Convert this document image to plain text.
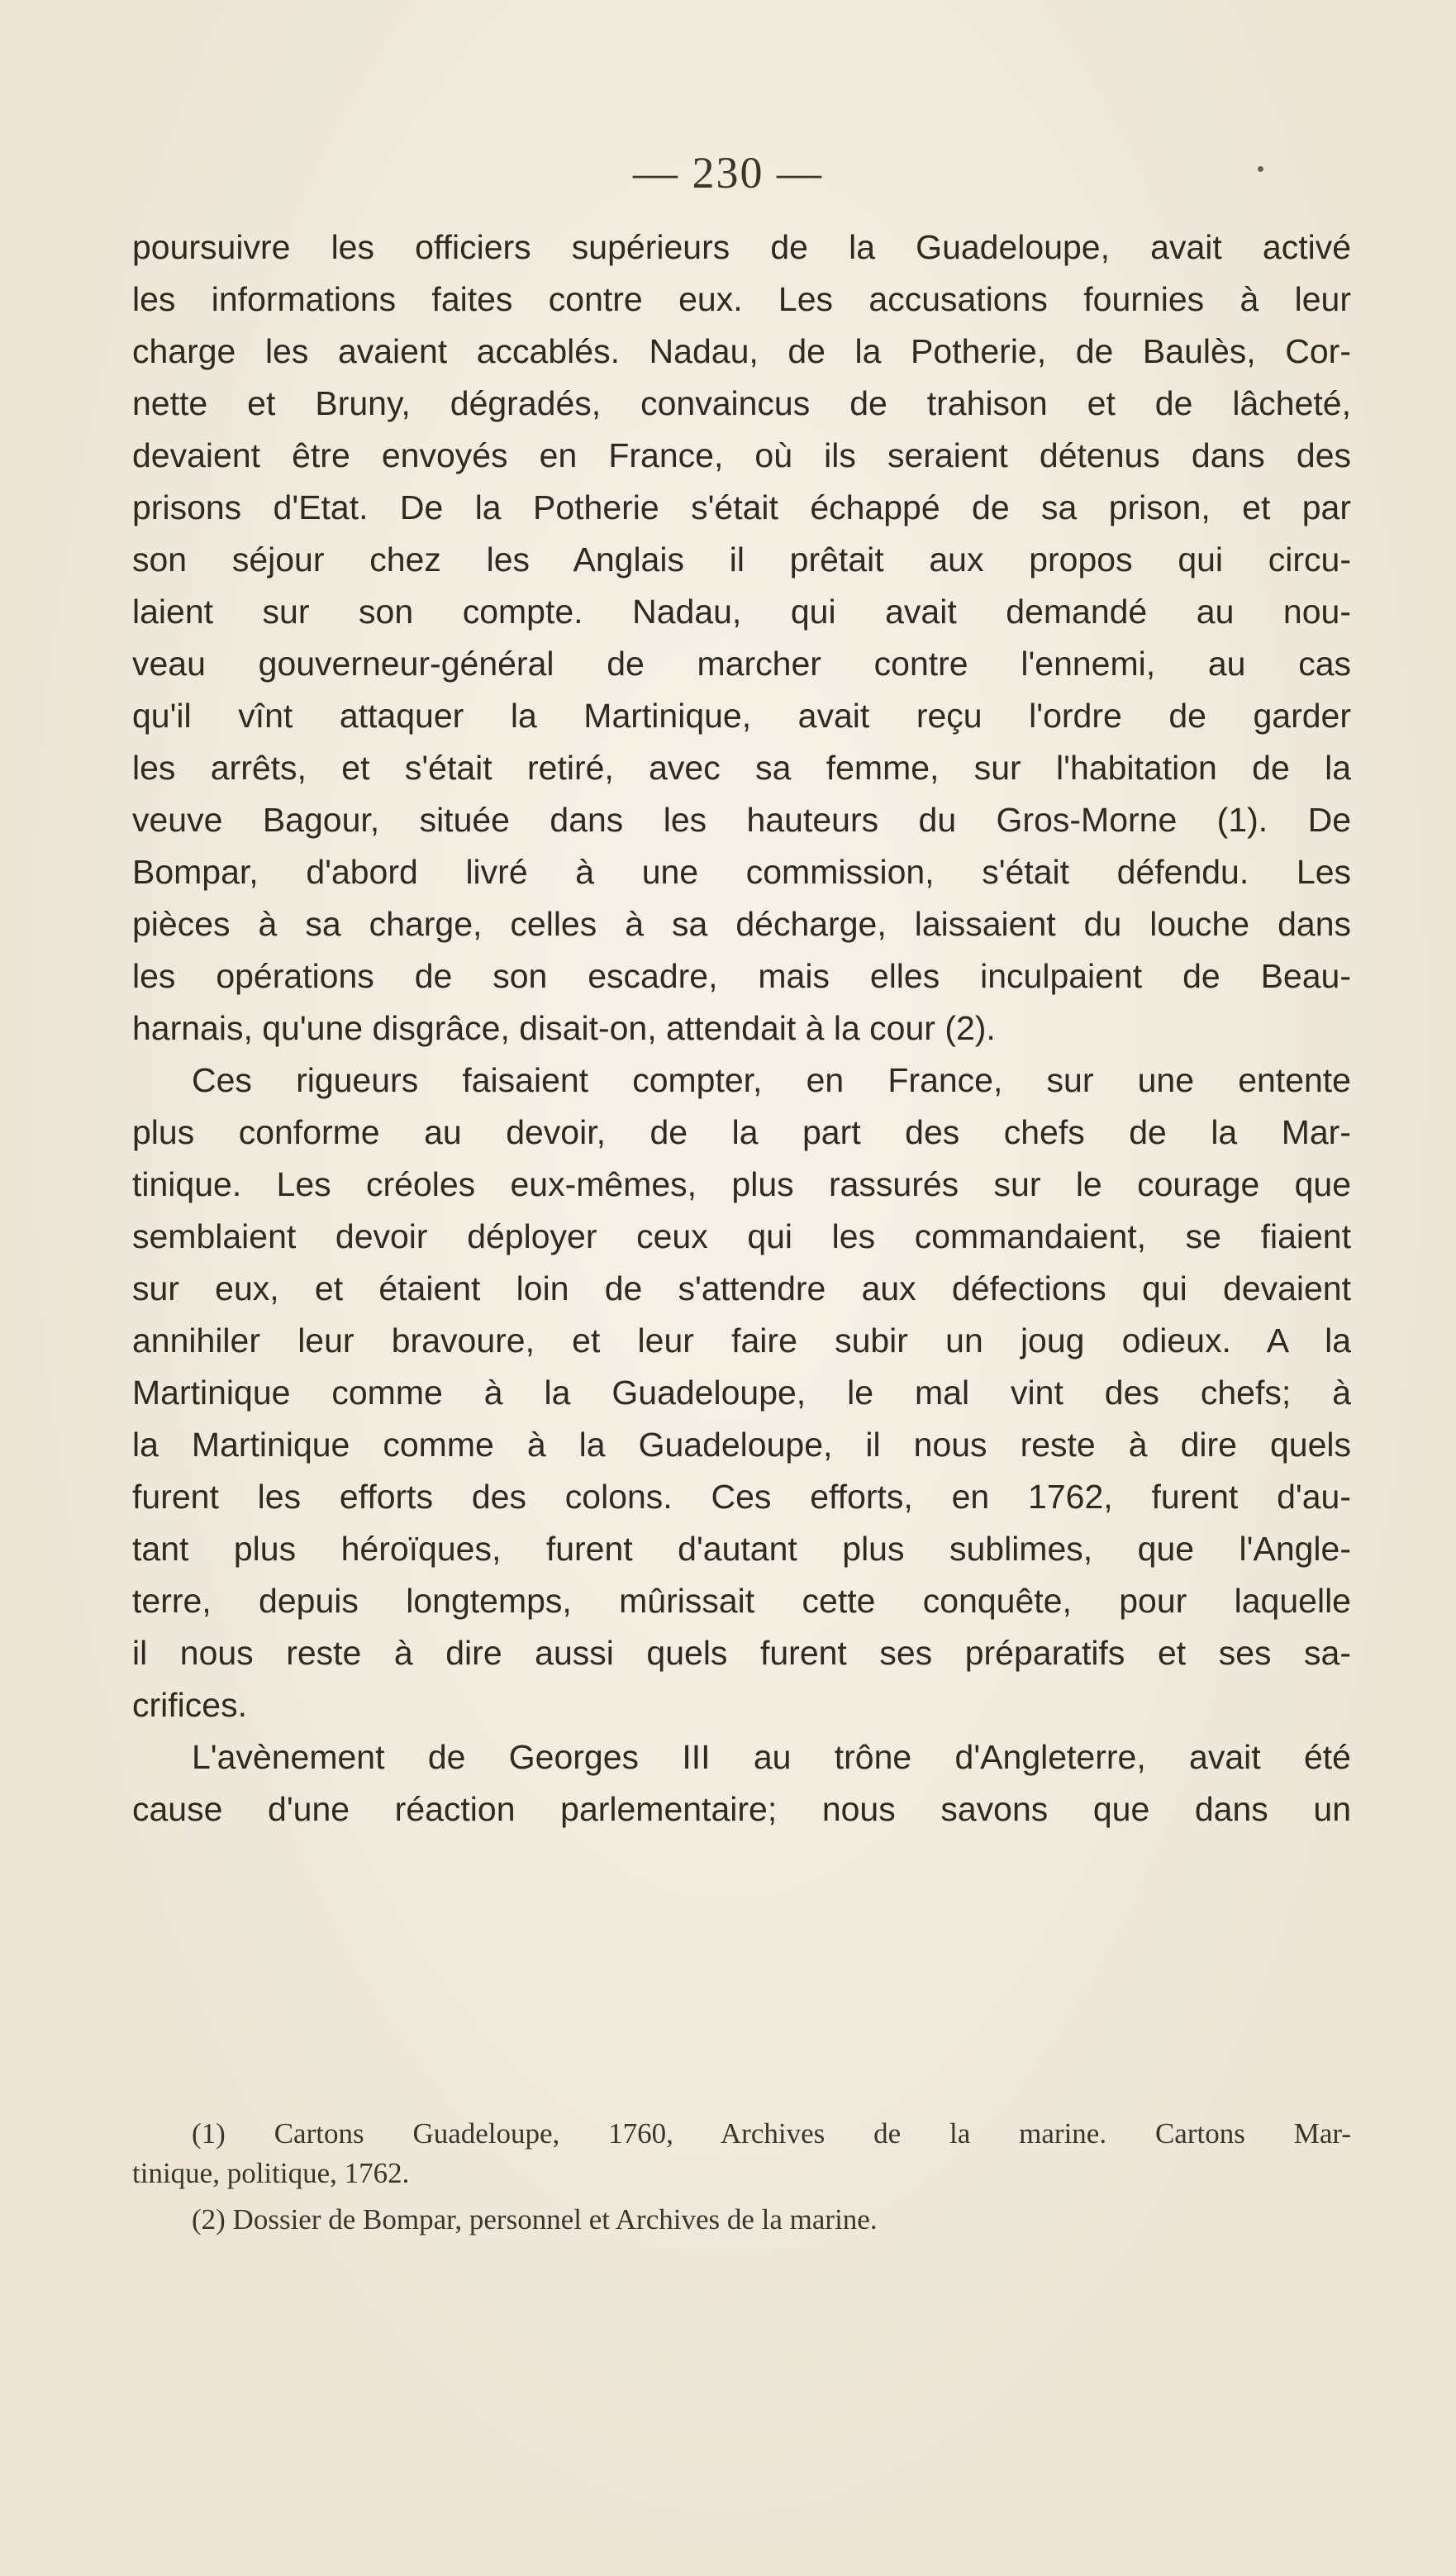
— 230 —
poursuivre les officiers supérieurs de la Guadeloupe, avait activé
les informations faites contre eux. Les accusations fournies à leur
charge les avaient accablés. Nadau, de la Potherie, de Baulès, Cor-
nette et Bruny, dégradés, convaincus de trahison et de lâcheté,
devaient être envoyés en France, où ils seraient détenus dans des
prisons d'Etat. De la Potherie s'était échappé de sa prison, et par
son séjour chez les Anglais il prêtait aux propos qui circu-
laient sur son compte. Nadau, qui avait demandé au nou-
veau gouverneur-général de marcher contre l'ennemi, au cas
qu'il vînt attaquer la Martinique, avait reçu l'ordre de garder
les arrêts, et s'était retiré, avec sa femme, sur l'habitation de la
veuve Bagour, située dans les hauteurs du Gros-Morne (1). De
Bompar, d'abord livré à une commission, s'était défendu. Les
pièces à sa charge, celles à sa décharge, laissaient du louche dans
les opérations de son escadre, mais elles inculpaient de Beau-
harnais, qu'une disgrâce, disait-on, attendait à la cour (2).
Ces rigueurs faisaient compter, en France, sur une entente
plus conforme au devoir, de la part des chefs de la Mar-
tinique. Les créoles eux-mêmes, plus rassurés sur le courage que
semblaient devoir déployer ceux qui les commandaient, se fiaient
sur eux, et étaient loin de s'attendre aux défections qui devaient
annihiler leur bravoure, et leur faire subir un joug odieux. A la
Martinique comme à la Guadeloupe, le mal vint des chefs; à
la Martinique comme à la Guadeloupe, il nous reste à dire quels
furent les efforts des colons. Ces efforts, en 1762, furent d'au-
tant plus héroïques, furent d'autant plus sublimes, que l'Angle-
terre, depuis longtemps, mûrissait cette conquête, pour laquelle
il nous reste à dire aussi quels furent ses préparatifs et ses sa-
crifices.
L'avènement de Georges III au trône d'Angleterre, avait été
cause d'une réaction parlementaire; nous savons que dans un
(1) Cartons Guadeloupe, 1760, Archives de la marine. Cartons Mar-
tinique, politique, 1762.
(2) Dossier de Bompar, personnel et Archives de la marine.
